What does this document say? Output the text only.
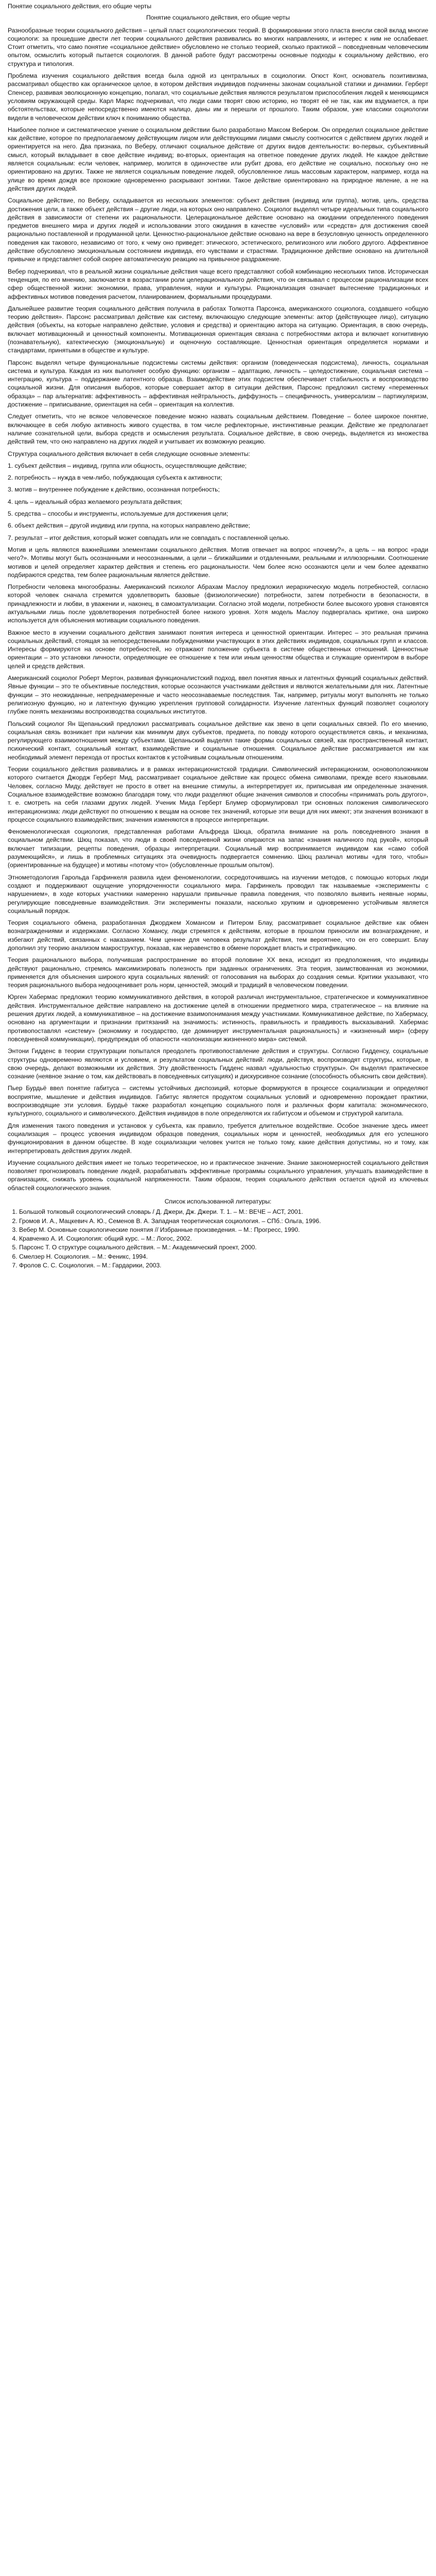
Понятие социального действия, его общие черты
Понятие социального действия, его общие черты

Разнообразные теории социального действия – целый пласт социологических теорий. В формировании этого пласта внесли свой вклад многие социологи: за прошедшие двести лет теории социального действия развивались во многих направлениях, и интерес к ним не ослабевает. Стоит отметить, что само понятие «социальное действие» обусловлено не столько теорией, сколько практикой – повседневным человеческим опытом, осмыслить который пытается социология. В данной работе будут рассмотрены основные подходы к социальному действию, его структура и типология.

Проблема изучения социального действия всегда была одной из центральных в социологии. Огюст Конт, основатель позитивизма, рассматривал общество как органическое целое, в котором действия индивидов подчинены законам социальной статики и динамики. Герберт Спенсер, развивая эволюционную концепцию, полагал, что социальные действия являются результатом приспособления людей к меняющимся условиям окружающей среды. Карл Маркс подчеркивал, что люди сами творят свою историю, но творят её не так, как им вздумается, а при обстоятельствах, которые непосредственно имеются налицо, даны им и перешли от прошлого. Таким образом, уже классики социологии видели в человеческом действии ключ к пониманию общества.

Наиболее полное и систематическое учение о социальном действии было разработано Максом Вебером. Он определил социальное действие как действие, которое по предполагаемому действующим лицом или действующими лицами смыслу соотносится с действием других людей и ориентируется на него. Два признака, по Веберу, отличают социальное действие от других видов деятельности: во-первых, субъективный смысл, который вкладывает в свое действие индивид; во-вторых, ориентация на ответное поведение других людей. Не каждое действие является социальным: если человек, например, молится в одиночестве или рубит дрова, его действие не социально, поскольку оно не ориентировано на других. Также не является социальным поведение людей, обусловленное лишь массовым характером, например, когда на улице во время дождя все прохожие одновременно раскрывают зонтики. Такое действие ориентировано на природное явление, а не на действия других людей.

Социальное действие, по Веберу, складывается из нескольких элементов: субъект действия (индивид или группа), мотив, цель, средства достижения цели, а также объект действия – другие люди, на которых оно направлено. Социолог выделял четыре идеальных типа социального действия в зависимости от степени их рациональности. Целерациональное действие основано на ожидании определенного поведения предметов внешнего мира и других людей и использовании этого ожидания в качестве «условий» или «средств» для достижения своей рационально поставленной и продуманной цели. Ценностно-рациональное действие основано на вере в безусловную ценность определенного поведения как такового, независимо от того, к чему оно приведет: этического, эстетического, религиозного или любого другого. Аффективное действие обусловлено эмоциональным состоянием индивида, его чувствами и страстями. Традиционное действие основано на длительной привычке и представляет собой скорее автоматическую реакцию на привычное раздражение.

Вебер подчеркивал, что в реальной жизни социальные действия чаще всего представляют собой комбинацию нескольких типов. Историческая тенденция, по его мнению, заключается в возрастании роли целерационального действия, что он связывал с процессом рационализации всех сфер общественной жизни: экономики, права, управления, науки и культуры. Рационализация означает вытеснение традиционных и аффективных мотивов поведения расчетом, планированием, формальными процедурами.

Дальнейшее развитие теория социального действия получила в работах Толкотта Парсонса, американского социолога, создавшего «общую теорию действия». Парсонс рассматривал действие как систему, включающую следующие элементы: актор (действующее лицо), ситуацию действия (объекты, на которые направлено действие, условия и средства) и ориентацию актора на ситуацию. Ориентация, в свою очередь, включает мотивационный и ценностный компоненты. Мотивационная ориентация связана с потребностями актора и включает когнитивную (познавательную), катектическую (эмоциональную) и оценочную составляющие. Ценностная ориентация определяется нормами и стандартами, принятыми в обществе и культуре.

Парсонс выделял четыре функциональные подсистемы системы действия: организм (поведенческая подсистема), личность, социальная система и культура. Каждая из них выполняет особую функцию: организм – адаптацию, личность – целедостижение, социальная система – интеграцию, культура – поддержание латентного образца. Взаимодействие этих подсистем обеспечивает стабильность и воспроизводство социальной жизни. Для описания выборов, которые совершает актор в ситуации действия, Парсонс предложил систему «переменных образца» – пар альтернатив: аффективность – аффективная нейтральность, диффузность – специфичность, универсализм – партикуляризм, достижение – приписывание, ориентация на себя – ориентация на коллектив.

Следует отметить, что не всякое человеческое поведение можно назвать социальным действием. Поведение – более широкое понятие, включающее в себя любую активность живого существа, в том числе рефлекторные, инстинктивные реакции. Действие же предполагает наличие сознательной цели, выбора средств и осмысления результата. Социальное действие, в свою очередь, выделяется из множества действий тем, что оно направлено на других людей и учитывает их возможную реакцию.

Структура социального действия включает в себя следующие основные элементы:

1. субъект действия – индивид, группа или общность, осуществляющие действие;

2. потребность – нужда в чем-либо, побуждающая субъекта к активности;

3. мотив – внутреннее побуждение к действию, осознанная потребность;

4. цель – идеальный образ желаемого результата действия;

5. средства – способы и инструменты, используемые для достижения цели;

6. объект действия – другой индивид или группа, на которых направлено действие;

7. результат – итог действия, который может совпадать или не совпадать с поставленной целью.

Мотив и цель являются важнейшими элементами социального действия. Мотив отвечает на вопрос «почему?», а цель – на вопрос «ради чего?». Мотивы могут быть осознанными и неосознанными, а цели – ближайшими и отдаленными, реальными и иллюзорными. Соотношение мотивов и целей определяет характер действия и степень его рациональности. Чем более ясно осознаются цели и чем более адекватно подбираются средства, тем более рациональным является действие.

Потребности человека многообразны. Американский психолог Абрахам Маслоу предложил иерархическую модель потребностей, согласно которой человек сначала стремится удовлетворить базовые (физиологические) потребности, затем потребности в безопасности, в принадлежности и любви, в уважении и, наконец, в самоактуализации. Согласно этой модели, потребности более высокого уровня становятся актуальными лишь после удовлетворения потребностей более низкого уровня. Хотя модель Маслоу подвергалась критике, она широко используется для объяснения мотивации социального поведения.

Важное место в изучении социального действия занимают понятия интереса и ценностной ориентации. Интерес – это реальная причина социальных действий, стоящая за непосредственными побуждениями участвующих в этих действиях индивидов, социальных групп и классов. Интересы формируются на основе потребностей, но отражают положение субъекта в системе общественных отношений. Ценностные ориентации – это установки личности, определяющие ее отношение к тем или иным ценностям общества и служащие ориентиром в выборе целей и средств действия.

Американский социолог Роберт Мертон, развивая функционалистский подход, ввел понятия явных и латентных функций социальных действий. Явные функции – это те объективные последствия, которые осознаются участниками действия и являются желательными для них. Латентные функции – это неожиданные, непреднамеренные и часто неосознаваемые последствия. Так, например, ритуалы могут выполнять не только религиозную функцию, но и латентную функцию укрепления групповой солидарности. Изучение латентных функций позволяет социологу глубже понять механизмы воспроизводства социальных институтов.

Польский социолог Ян Щепаньский предложил рассматривать социальное действие как звено в цепи социальных связей. По его мнению, социальная связь возникает при наличии как минимум двух субъектов, предмета, по поводу которого осуществляется связь, и механизма, регулирующего взаимоотношения между субъектами. Щепаньский выделял такие формы социальных связей, как пространственный контакт, психический контакт, социальный контакт, взаимодействие и социальные отношения. Социальное действие рассматривается им как необходимый элемент перехода от простых контактов к устойчивым социальным отношениям.

Теории социального действия развивались и в рамках интеракционистской традиции. Символический интеракционизм, основоположником которого считается Джордж Герберт Мид, рассматривает социальное действие как процесс обмена символами, прежде всего языковыми. Человек, согласно Миду, действует не просто в ответ на внешние стимулы, а интерпретирует их, приписывая им определенные значения. Социальное взаимодействие возможно благодаря тому, что люди разделяют общие значения символов и способны «принимать роль другого», т. е. смотреть на себя глазами других людей. Ученик Мида Герберт Блумер сформулировал три основных положения символического интеракционизма: люди действуют по отношению к вещам на основе тех значений, которые эти вещи для них имеют; эти значения возникают в процессе социального взаимодействия; значения изменяются в процессе интерпретации.

Феноменологическая социология, представленная работами Альфреда Шюца, обратила внимание на роль повседневного знания в социальном действии. Шюц показал, что люди в своей повседневной жизни опираются на запас «знания наличного под рукой», который включает типизации, рецепты поведения, образцы интерпретации. Социальный мир воспринимается индивидом как «само собой разумеющийся», и лишь в проблемных ситуациях эта очевидность подвергается сомнению. Шюц различал мотивы «для того, чтобы» (ориентированные на будущее) и мотивы «потому что» (обусловленные прошлым опытом).

Этнометодология Гарольда Гарфинкеля развила идеи феноменологии, сосредоточившись на изучении методов, с помощью которых люди создают и поддерживают ощущение упорядоченности социального мира. Гарфинкель проводил так называемые «эксперименты с нарушением», в ходе которых участники намеренно нарушали привычные правила поведения, что позволяло выявить неявные нормы, регулирующие повседневные взаимодействия. Эти эксперименты показали, насколько хрупким и одновременно устойчивым является социальный порядок.

Теория социального обмена, разработанная Джорджем Хомансом и Питером Блау, рассматривает социальное действие как обмен вознаграждениями и издержками. Согласно Хомансу, люди стремятся к действиям, которые в прошлом приносили им вознаграждение, и избегают действий, связанных с наказанием. Чем ценнее для человека результат действия, тем вероятнее, что он его совершит. Блау дополнил эту теорию анализом макроструктур, показав, как неравенство в обмене порождает власть и стратификацию.

Теория рационального выбора, получившая распространение во второй половине XX века, исходит из предположения, что индивиды действуют рационально, стремясь максимизировать полезность при заданных ограничениях. Эта теория, заимствованная из экономики, применяется для объяснения широкого круга социальных явлений: от голосования на выборах до создания семьи. Критики указывают, что теория рационального выбора недооценивает роль норм, ценностей, эмоций и традиций в человеческом поведении.

Юрген Хабермас предложил теорию коммуникативного действия, в которой различал инструментальное, стратегическое и коммуникативное действия. Инструментальное действие направлено на достижение целей в отношении предметного мира, стратегическое – на влияние на решения других людей, а коммуникативное – на достижение взаимопонимания между участниками. Коммуникативное действие, по Хабермасу, основано на аргументации и признании притязаний на значимость: истинность, правильность и правдивость высказываний. Хабермас противопоставлял «систему» (экономику и государство, где доминирует инструментальная рациональность) и «жизненный мир» (сферу повседневной коммуникации), предупреждая об опасности «колонизации жизненного мира» системой.

Энтони Гидденс в теории структурации попытался преодолеть противопоставление действия и структуры. Согласно Гидденсу, социальные структуры одновременно являются и условием, и результатом социальных действий: люди, действуя, воспроизводят структуры, которые, в свою очередь, делают возможными их действия. Эту двойственность Гидденс назвал «дуальностью структуры». Он выделял практическое сознание (неявное знание о том, как действовать в повседневных ситуациях) и дискурсивное сознание (способность объяснить свои действия).

Пьер Бурдьё ввел понятие габитуса – системы устойчивых диспозиций, которые формируются в процессе социализации и определяют восприятие, мышление и действия индивидов. Габитус является продуктом социальных условий и одновременно порождает практики, воспроизводящие эти условия. Бурдьё также разработал концепцию социального поля и различных форм капитала: экономического, культурного, социального и символического. Действия индивидов в поле определяются их габитусом и объемом и структурой капитала.

Для изменения такого поведения и установок у субъекта, как правило, требуется длительное воздействие. Особое значение здесь имеет социализация – процесс усвоения индивидом образцов поведения, социальных норм и ценностей, необходимых для его успешного функционирования в данном обществе. В ходе социализации человек учится не только тому, какие действия допустимы, но и тому, как интерпретировать действия других людей.

Изучение социального действия имеет не только теоретическое, но и практическое значение. Знание закономерностей социального действия позволяет прогнозировать поведение людей, разрабатывать эффективные программы социального управления, улучшать взаимодействие в организациях, снижать уровень социальной напряженности. Таким образом, теория социального действия остается одной из ключевых областей социологического знания.

Список использованной литературы:
1. Большой толковый социологический словарь / Д. Джери, Дж. Джери. Т. 1. – М.: ВЕЧЕ – АСТ, 2001.
2. Громов И. А., Мацкевич А. Ю., Семенов В. А. Западная теоретическая социология. – СПб.: Ольга, 1996.
3. Вебер М. Основные социологические понятия // Избранные произведения. – М.: Прогресс, 1990.
4. Кравченко А. И. Социология: общий курс. – М.: Логос, 2002.
5. Парсонс Т. О структуре социального действия. – М.: Академический проект, 2000.
6. Смелзер Н. Социология. – М.: Феникс, 1994.
7. Фролов С. С. Социология. – М.: Гардарики, 2003.
